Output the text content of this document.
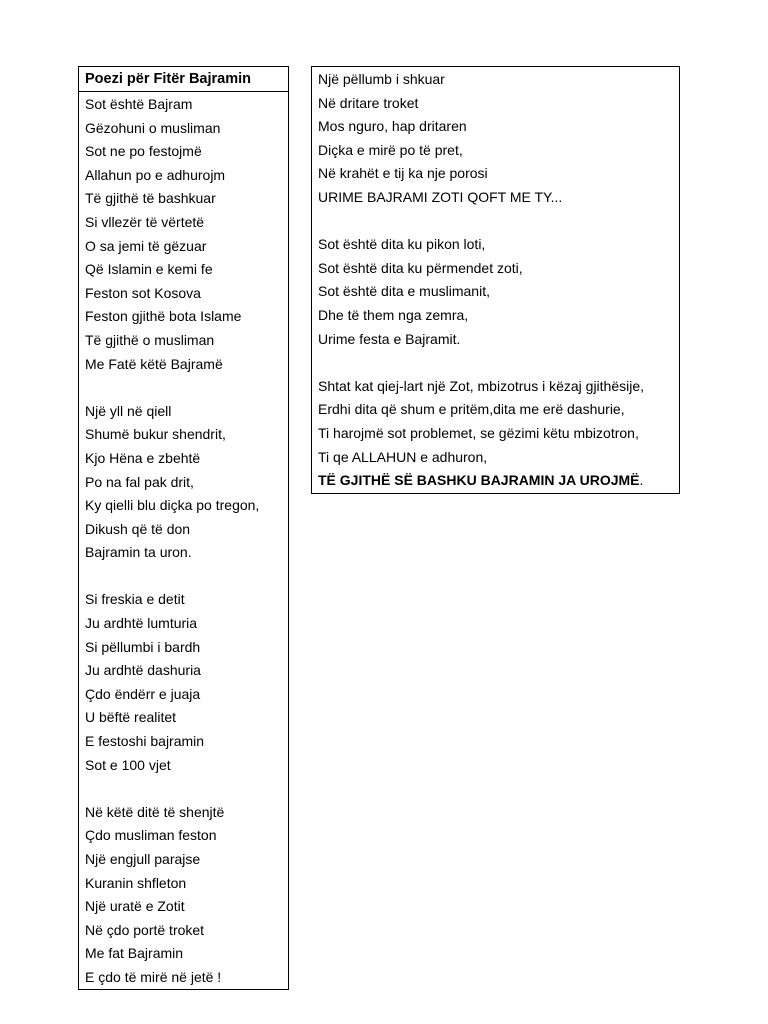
Poezi për Fitër Bajramin
Sot është Bajram
Gëzohuni o musliman
Sot ne po festojmë
Allahun po e adhurojm
Të gjithë të bashkuar
Si vllezër të vërtetë
O sa jemi të gëzuar
Që Islamin e kemi fe
Feston sot Kosova
Feston gjithë bota Islame
Të gjithë o musliman
Me Fatë këtë Bajramë
Një yll në qiell
Shumë bukur shendrit,
Kjo Hëna e zbehtë
Po na fal pak drit,
Ky qielli blu diçka po tregon,
Dikush që të don
Bajramin ta uron.
Si freskia e detit
Ju ardhtë lumturia
Si pëllumbi i bardh
Ju ardhtë dashuria
Çdo ëndërr e juaja
U bëftë realitet
E festoshi bajramin
Sot e 100 vjet
Në këtë ditë të shenjtë
Çdo musliman feston
Një engjull parajse
Kuranin shfleton
Një uratë e Zotit
Në çdo portë troket
Me fat Bajramin
E çdo të mirë në jetë !
Një pëllumb i shkuar
Në dritare troket
Mos nguro, hap dritaren
Diçka e mirë po të pret,
Në krahët e tij ka nje porosi
URIME BAJRAMI ZOTI QOFT ME TY...
Sot është dita ku pikon loti,
Sot është dita ku përmendet zoti,
Sot është dita e muslimanit,
Dhe të them nga zemra,
Urime festa e Bajramit.
Shtat kat qiej-lart një Zot, mbizotrus i këzaj gjithësije,
Erdhi dita që shum e pritëm,dita me erë dashurie,
Ti harojmë sot problemet, se gëzimi këtu mbizotron,
Ti qe ALLAHUN e adhuron,
TË GJITHË SË BASHKU BAJRAMIN JA UROJMË.
